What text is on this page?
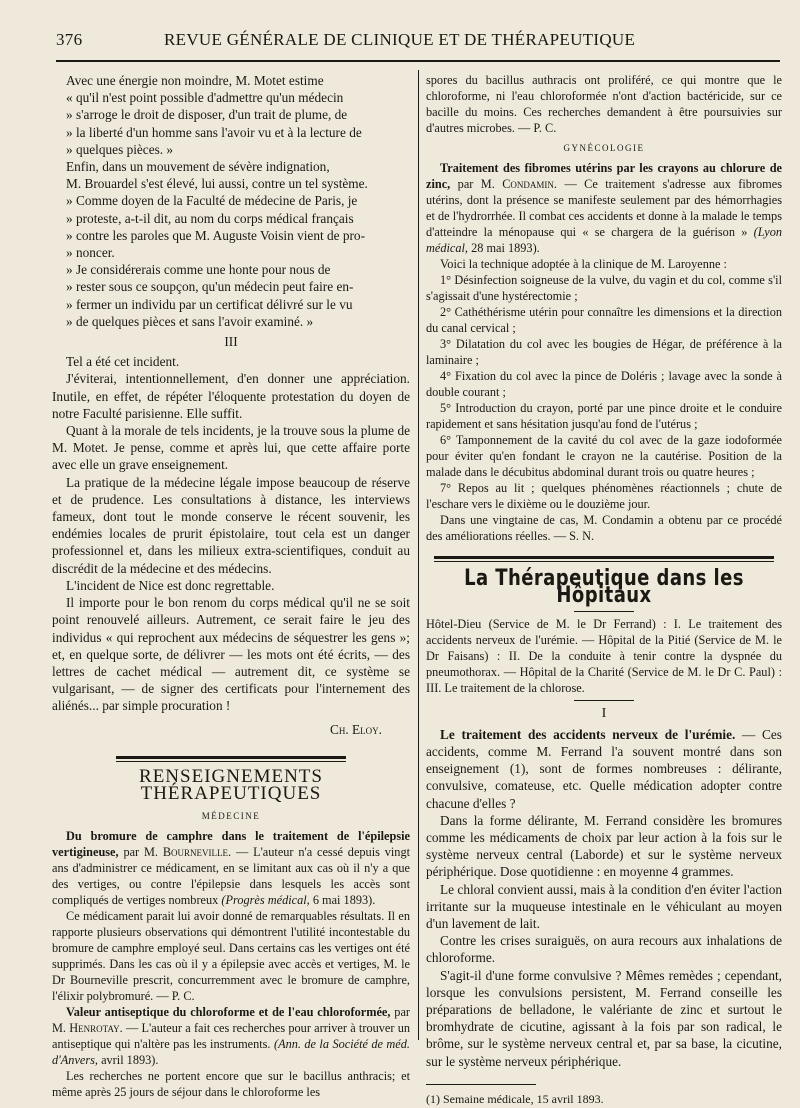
376	REVUE GÉNÉRALE DE CLINIQUE ET DE THÉRAPEUTIQUE

Avec une énergie non moindre, M. Motet estime

« qu'il n'est point possible d'admettre qu'un médecin

» s'arroge le droit de disposer, d'un trait de plume, de

» la liberté d'un homme sans l'avoir vu et à la lecture de

» quelques pièces. »

Enfin, dans un mouvement de sévère indignation,

M. Brouardel s'est élevé, lui aussi, contre un tel système.

» Comme doyen de la Faculté de médecine de Paris, je

» proteste, a-t-il dit, au nom du corps médical français

» contre les paroles que M. Auguste Voisin vient de pro-

» noncer.

» Je considérerais comme une honte pour nous de

» rester sous ce soupçon, qu'un médecin peut faire en-

» fermer un individu par un certificat délivré sur le vu

» de quelques pièces et sans l'avoir examiné. »

III

Tel a été cet incident.

J'éviterai, intentionnellement, d'en donner une appréciation. Inutile, en effet, de répéter l'éloquente protestation du doyen de notre Faculté parisienne. Elle suffit.

Quant à la morale de tels incidents, je la trouve sous la plume de M. Motet. Je pense, comme et après lui, que cette affaire porte avec elle un grave enseignement.

La pratique de la médecine légale impose beaucoup de réserve et de prudence. Les consultations à distance, les interviews fameux, dont tout le monde conserve le récent souvenir, les endémies locales de prurit épistolaire, tout cela est un danger professionnel et, dans les milieux extra-scientifiques, conduit au discrédit de la médecine et des médecins.

L'incident de Nice est donc regrettable.

Il importe pour le bon renom du corps médical qu'il ne se soit point renouvelé ailleurs. Autrement, ce serait faire le jeu des individus « qui reprochent aux médecins de séquestrer les gens »; et, en quelque sorte, de délivrer — les mots ont été écrits, — des lettres de cachet médical — autrement dit, ce système se vulgarisant, — de signer des certificats pour l'internement des aliénés... par simple procuration !

Ch. Eloy.

RENSEIGNEMENTS THÉRAPEUTIQUES

MÉDECINE

Du bromure de camphre dans le traitement de l'épilepsie vertigineuse, par M. Bourneville. — L'auteur n'a cessé depuis vingt ans d'administrer ce médicament, en se limitant aux cas où il n'y a que des vertiges, ou contre l'épilepsie dans lesquels les accès sont compliqués de vertiges nombreux (Progrès médical, 6 mai 1893).

Ce médicament parait lui avoir donné de remarquables résultats. Il en rapporte plusieurs observations qui démontrent l'utilité incontestable du bromure de camphre employé seul. Dans certains cas les vertiges ont été supprimés. Dans les cas où il y a épilepsie avec accès et vertiges, M. le Dr Bourneville prescrit, concurremment avec le bromure de camphre, l'élixir polybromuré. — P. C.

Valeur antiseptique du chloroforme et de l'eau chloroformée, par M. Henrotay. — L'auteur a fait ces recherches pour arriver à trouver un antiseptique qui n'altère pas les instruments. (Ann. de la Société de méd. d'Anvers, avril 1893).

Les recherches ne portent encore que sur le bacillus anthracis; et même après 25 jours de séjour dans le chloroforme les

spores du bacillus authracis ont proliféré, ce qui montre que le chloroforme, ni l'eau chloroformée n'ont d'action bactéricide, sur ce bacille du moins. Ces recherches demandent à être poursuivies sur d'autres microbes. — P. C.

GYNÉCOLOGIE

Traitement des fibromes utérins par les crayons au chlorure de zinc, par M. Condamin. — Ce traitement s'adresse aux fibromes utérins, dont la présence se manifeste seulement par des hémorrhagies et de l'hydrorrhée. Il combat ces accidents et donne à la malade le temps d'atteindre la ménopause qui « se chargera de la guérison » (Lyon médical, 28 mai 1893).

Voici la technique adoptée à la clinique de M. Laroyenne :

1° Désinfection soigneuse de la vulve, du vagin et du col, comme s'il s'agissait d'une hystérectomie ;

2° Cathéthérisme utérin pour connaître les dimensions et la direction du canal cervical ;

3° Dilatation du col avec les bougies de Hégar, de préférence à la laminaire ;

4° Fixation du col avec la pince de Doléris ; lavage avec la sonde à double courant ;

5° Introduction du crayon, porté par une pince droite et le conduire rapidement et sans hésitation jusqu'au fond de l'utérus ;

6° Tamponnement de la cavité du col avec de la gaze iodoformée pour éviter qu'en fondant le crayon ne la cautérise. Position de la malade dans le décubitus abdominal durant trois ou quatre heures ;

7° Repos au lit ; quelques phénomènes réactionnels ; chute de l'eschare vers le dixième ou le douzième jour.

Dans une vingtaine de cas, M. Condamin a obtenu par ce procédé des améliorations réelles. — S. N.

La Thérapeutique dans les Hôpitaux

Hôtel-Dieu (Service de M. le Dr Ferrand) : I. Le traitement des accidents nerveux de l'urémie. — Hôpital de la Pitié (Service de M. le Dr Faisans) : II. De la conduite à tenir contre la dyspnée du pneumothorax. — Hôpital de la Charité (Service de M. le Dr C. Paul) : III. Le traitement de la chlorose.

I

Le traitement des accidents nerveux de l'urémie. — Ces accidents, comme M. Ferrand l'a souvent montré dans son enseignement (1), sont de formes nombreuses : délirante, convulsive, comateuse, etc. Quelle médication adopter contre chacune d'elles ?

Dans la forme délirante, M. Ferrand considère les bromures comme les médicaments de choix par leur action à la fois sur le système nerveux central (Laborde) et sur le système nerveux périphérique. Dose quotidienne : en moyenne 4 grammes.

Le chloral convient aussi, mais à la condition d'en éviter l'action irritante sur la muqueuse intestinale en le véhiculant au moyen d'un lavement de lait.

Contre les crises suraiguës, on aura recours aux inhalations de chloroforme.

S'agit-il d'une forme convulsive ? Mêmes remèdes ; cependant, lorsque les convulsions persistent, M. Ferrand conseille les préparations de belladone, le valériante de zinc et surtout le bromhydrate de cicutine, agissant à la fois par son radical, le brôme, sur le système nerveux central et, par sa base, la cicutine, sur le système nerveux périphérique.

(1) Semaine médicale, 15 avril 1893.
